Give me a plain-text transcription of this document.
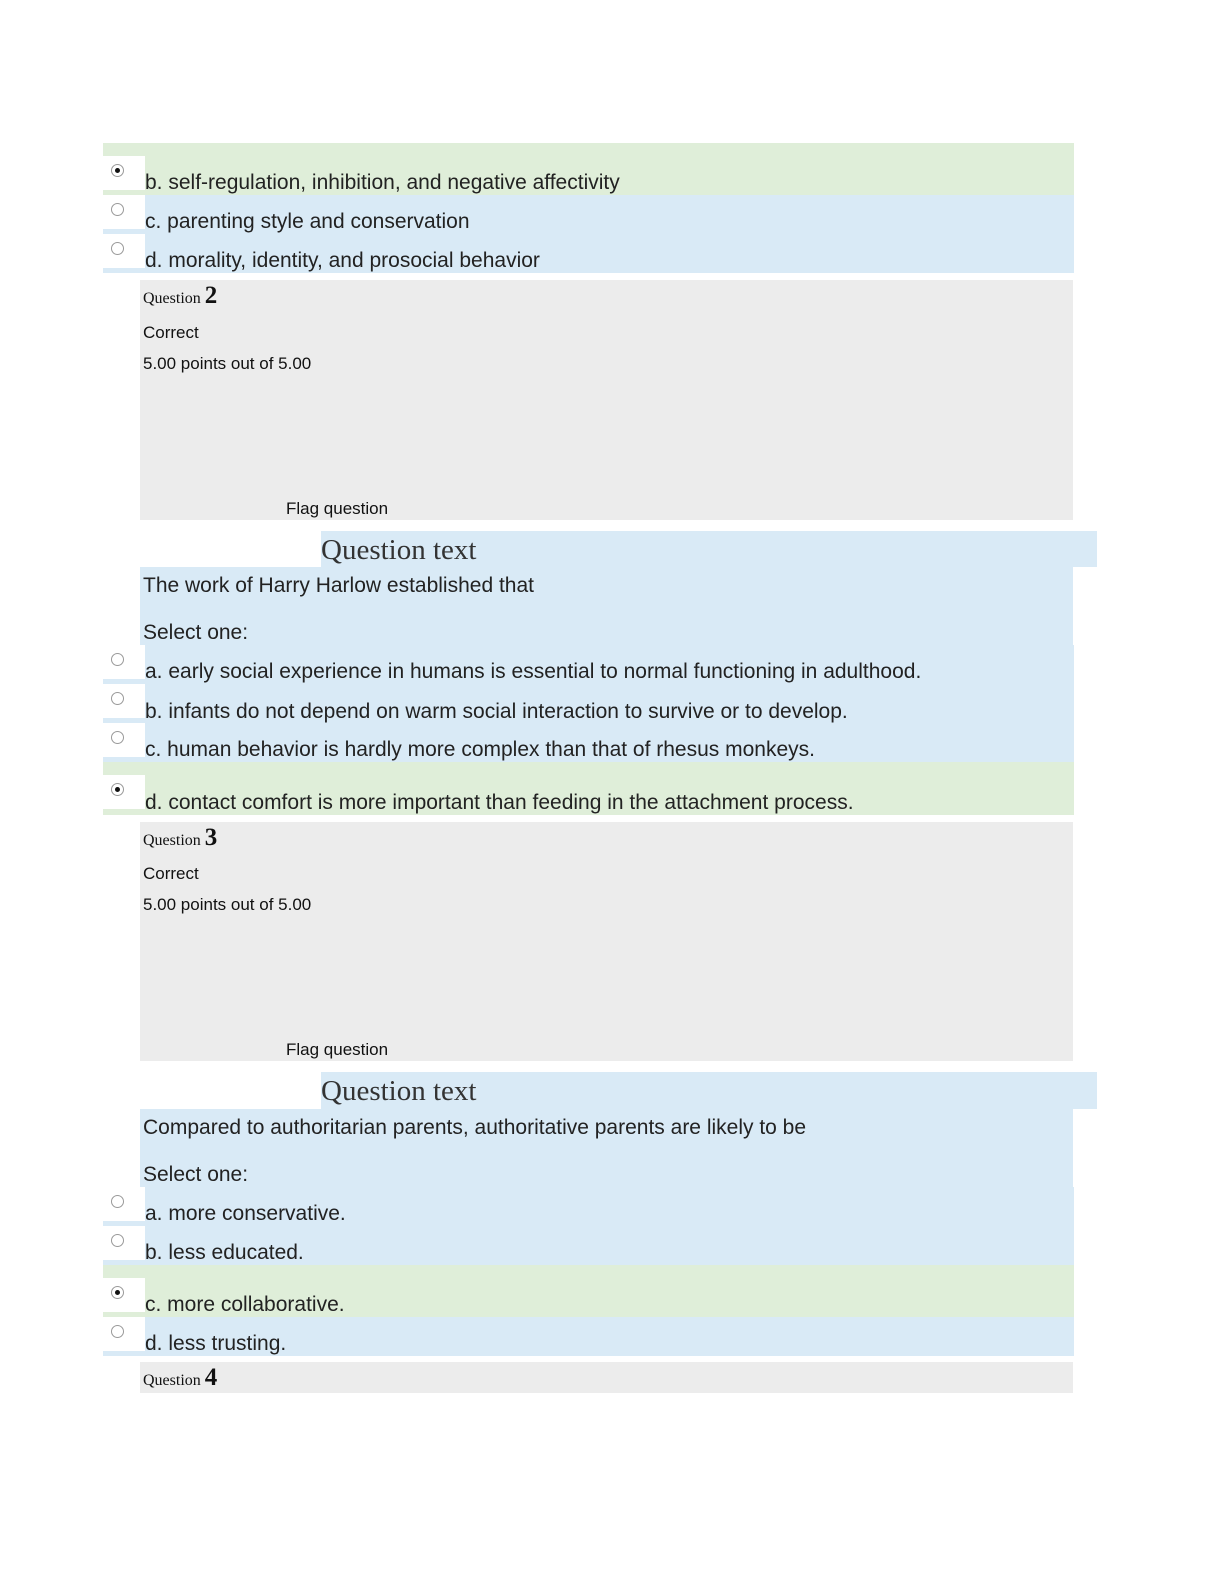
b. self-regulation, inhibition, and negative affectivity
c. parenting style and conservation
d. morality, identity, and prosocial behavior
Question 2
Correct
5.00 points out of 5.00
Flag question
Question text
The work of Harry Harlow established that
Select one:
a. early social experience in humans is essential to normal functioning in adulthood.
b. infants do not depend on warm social interaction to survive or to develop.
c. human behavior is hardly more complex than that of rhesus monkeys.
d. contact comfort is more important than feeding in the attachment process.
Question 3
Correct
5.00 points out of 5.00
Flag question
Question text
Compared to authoritarian parents, authoritative parents are likely to be
Select one:
a. more conservative.
b. less educated.
c. more collaborative.
d. less trusting.
Question 4
